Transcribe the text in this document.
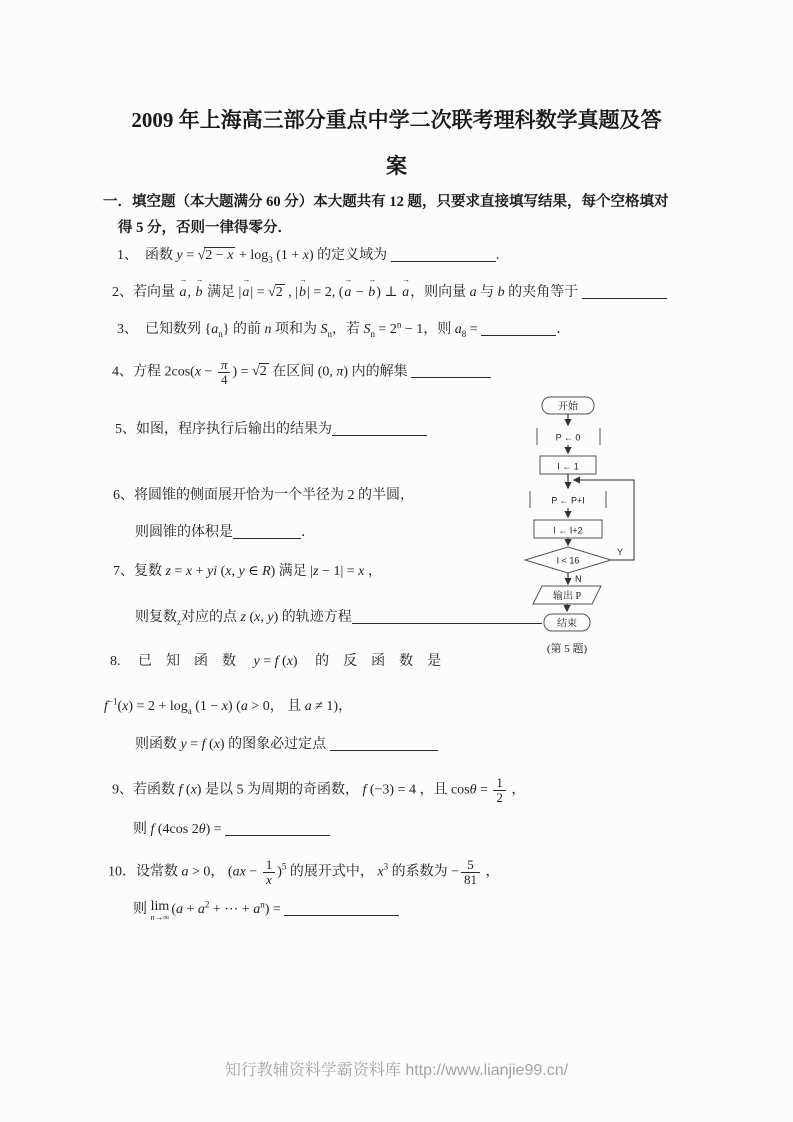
2009 年上海高三部分重点中学二次联考理科数学真题及答
案
一．填空题（本大题满分 60 分）本大题共有 12 题，只要求直接填写结果，每个空格填对
得 5 分，否则一律得零分．
1、　函数 $y = √2 - x + \log_3 (1 + x)$ 的定义域为	.
2、若向量
→
a,
→
b 满足 |
→
a| = √2 , |
→
b| = 2, (
→
a −
→
b) ⊥
→
a，则向量 a 与 b 的夹角等于
3、　已知数列 $\{a_n\}$ 的前 n 项和为 $S_n$，若 $S_n = 2^n - 1$，则 $a_8$ =	．
4、方程 $2\cos(x - \frac{\pi}{4}$ ) = √2 在区间 (0, π) 内的解集
5、如图，程序执行后输出的结果为
6、将圆锥的侧面展开恰为一个半径为 2 的半圆，
则圆锥的体积是	．
7、复数 z = x + yi (x, y ∈ R) 满足 |z − 1| = x ，
则复数$_z$对应的点 z (x, y) 的轨迹方程
8.　 已　知　函　数　 y = f (x)　 的　反　函　数　是
$f^{-1}(x) = 2 + \log_a (1 - x) (a > 0$， 且 a ≠ 1)，
则函数 y = f (x) 的图象必过定点
9、若函数 f (x) 是以 5 为周期的奇函数， f (−3) = 4 ，且 $\cos\theta = \frac{1}{2}$ ，
则 f (4cos 2θ) =
10．设常数 a > 0， $(ax - \frac{1}{x} )^5$ 的展开式中， $x^3$ 的系数为 − $\frac{5}{81}$ ，
则 lim
n→∞ ($a + a^2$ + ⋯ + $a^n$) =
开始
P ← 0
I ← 1
P ← P+I
I ← I+2
I < 16
Y
N
输出 P
结束
(第 5 题)
知行教辅资料学霸资料库 http://www.lianjie99.cn/
